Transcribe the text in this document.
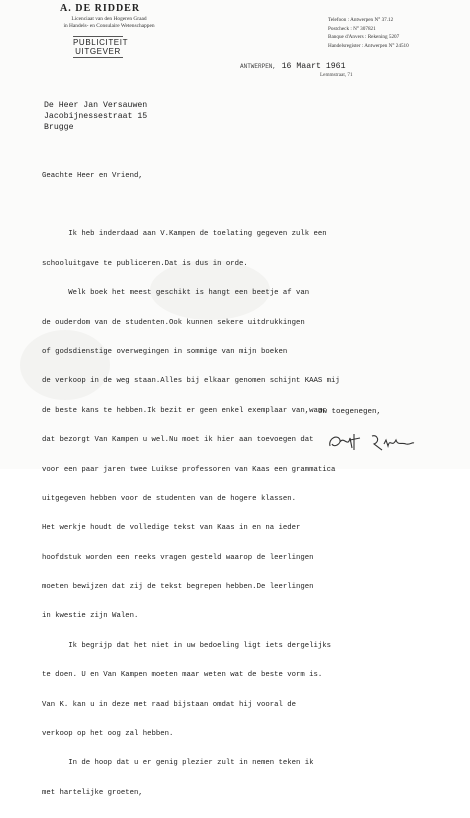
A. DE RIDDER
Licenciaat van den Hogeren Graad
in Handels- en Consulaire Wetenschappen
PUBLICITEIT
UITGEVER
Telefoon : Antwerpen N° 37.12
Postcheck : N° 307821
Banque d'Anvers : Rekening 5207
Handelsregister : Antwerpen N° 24510
ANTWERPEN, 16 Maart 1961
Lemmstraat, 71
De Heer Jan Versauwen
Jacobijnessestraat 15
Brugge

Geachte Heer en Vriend,

Ik heb inderdaad aan V.Kampen de toelating gegeven zulk een

schooluitgave te publiceren.Dat is dus in orde.

Welk boek het meest geschikt is hangt een beetje af van

de ouderdom van de studenten.Ook kunnen sekere uitdrukkingen

of godsdienstige overwegingen in sommige van mijn boeken

de verkoop in de weg staan.Alles bij elkaar genomen schijnt KAAS mij

de beste kans te hebben.Ik bezit er geen enkel exemplaar van,waar

dat bezorgt Van Kampen u wel.Nu moet ik hier aan toevoegen dat

voor een paar jaren twee Luikse professoren van Kaas een grammatica

uitgegeven hebben voor de studenten van de hogere klassen.

Het werkje houdt de volledige tekst van Kaas in en na ieder

hoofdstuk worden een reeks vragen gesteld waarop de leerlingen

moeten bewijzen dat zij de tekst begrepen hebben.De leerlingen

in kwestie zijn Walen.

Ik begrijp dat het niet in uw bedoeling ligt iets dergelijks

te doen. U en Van Kampen moeten maar weten wat de beste vorm is.

Van K. kan u in deze met raad bijstaan omdat hij vooral de

verkoop op het oog zal hebben.

In de hoop dat u er genig plezier zult in nemen teken ik

met hartelijke groeten,

Uw toegenegen,
